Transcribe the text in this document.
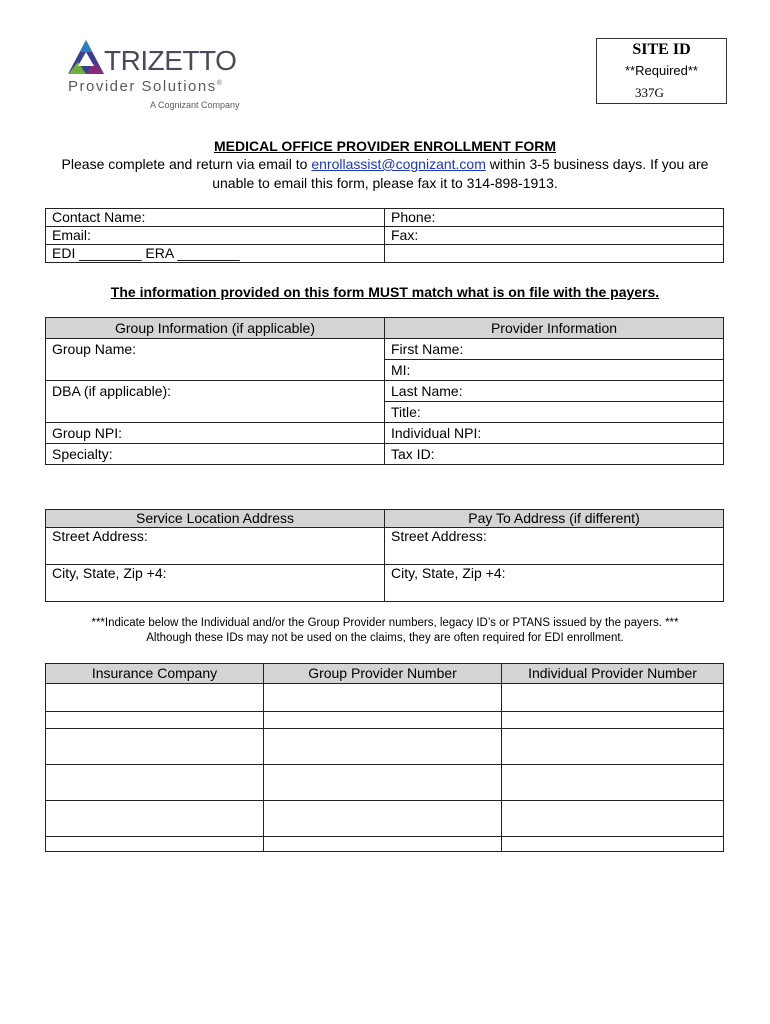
TRIZETTO
Provider Solutions®
A Cognizant Company
SITE ID
**Required**
337G
MEDICAL OFFICE PROVIDER ENROLLMENT FORM
Please complete and return via email to enrollassist@cognizant.com within 3-5 business days. If you are unable to email this form, please fax it to 314-898-1913.
Contact Name:	Phone:
Email:	Fax:
EDI ________ ERA ________	
The information provided on this form MUST match what is on file with the payers.
Group Information (if applicable)	Provider Information
Group Name:	First Name:
	MI:
DBA (if applicable):	Last Name:
	Title:
Group NPI:	Individual NPI:
Specialty:	Tax ID:
Service Location Address	Pay To Address (if different)
Street Address:	Street Address:
City, State, Zip +4:	City, State, Zip +4:
***Indicate below the Individual and/or the Group Provider numbers, legacy ID’s or PTANS issued by the payers. ***
Although these IDs may not be used on the claims, they are often required for EDI enrollment.
Insurance Company	Group Provider Number	Individual Provider Number
